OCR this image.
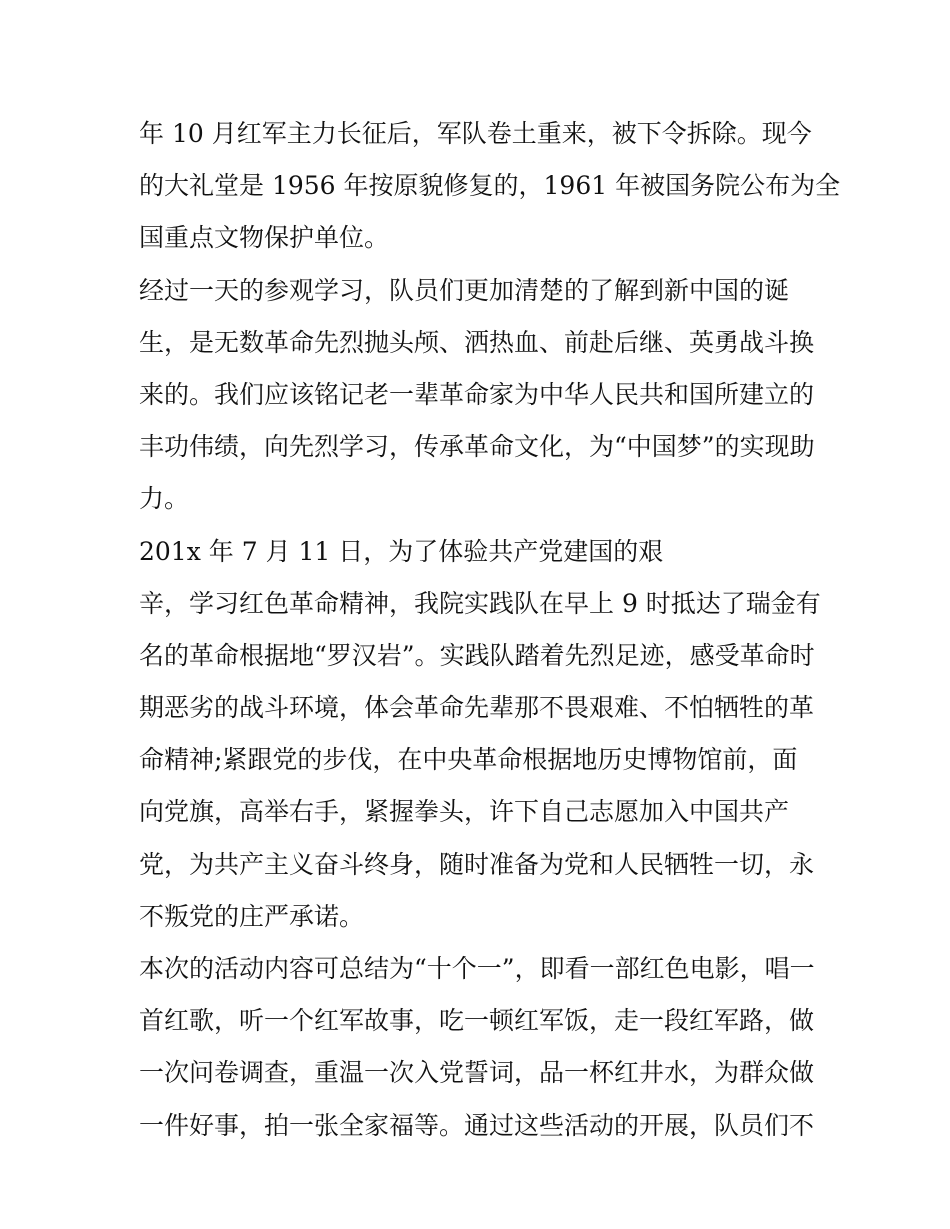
年 10 月红军主力长征后，军队卷土重来，被下令拆除。现今
的大礼堂是 1956 年按原貌修复的，1961 年被国务院公布为全
国重点文物保护单位。
经过一天的参观学习，队员们更加清楚的了解到新中国的诞
生，是无数革命先烈抛头颅、洒热血、前赴后继、英勇战斗换
来的。我们应该铭记老一辈革命家为中华人民共和国所建立的
丰功伟绩，向先烈学习，传承革命文化，为“中国梦”的实现助
力。
201x 年 7 月 11 日，为了体验共产党建国的艰
辛，学习红色革命精神，我院实践队在早上 9 时抵达了瑞金有
名的革命根据地“罗汉岩”。实践队踏着先烈足迹，感受革命时
期恶劣的战斗环境，体会革命先辈那不畏艰难、不怕牺牲的革
命精神;紧跟党的步伐，在中央革命根据地历史博物馆前，面
向党旗，高举右手，紧握拳头，许下自己志愿加入中国共产
党，为共产主义奋斗终身，随时准备为党和人民牺牲一切，永
不叛党的庄严承诺。
本次的活动内容可总结为“十个一”，即看一部红色电影，唱一
首红歌，听一个红军故事，吃一顿红军饭，走一段红军路，做
一次问卷调查，重温一次入党誓词，品一杯红井水，为群众做
一件好事，拍一张全家福等。通过这些活动的开展，队员们不
